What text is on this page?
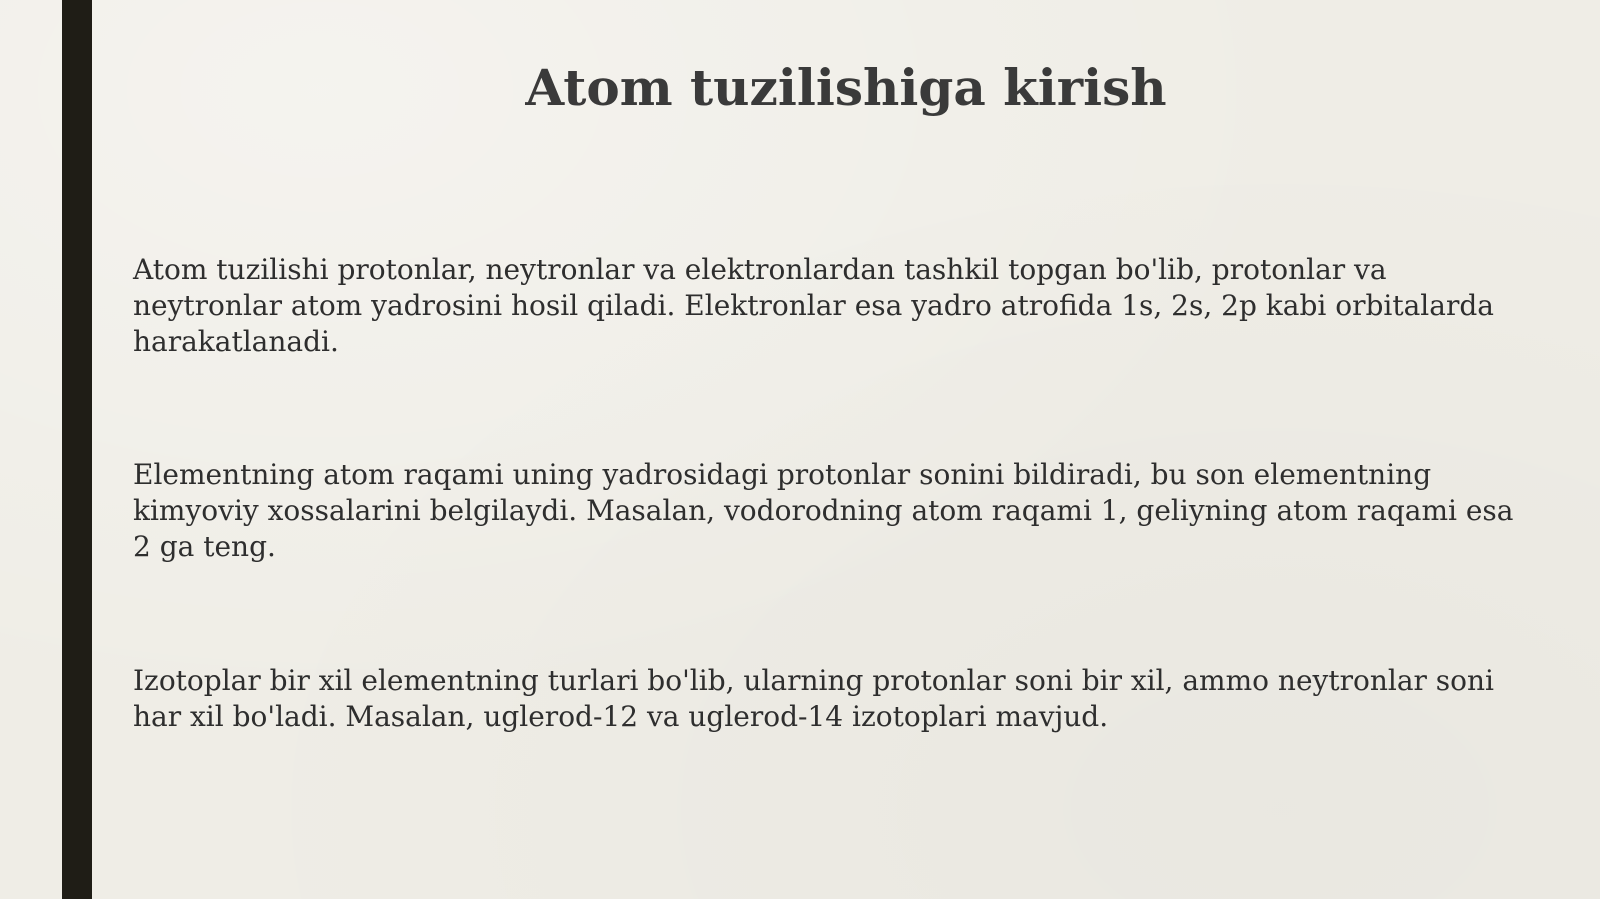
Atom tuzilishiga kirish

Atom tuzilishi protonlar, neytronlar va elektronlardan tashkil topgan bo'lib, protonlar va neytronlar atom yadrosini hosil qiladi. Elektronlar esa yadro atrofida 1s, 2s, 2p kabi orbitalarda harakatlanadi.

Elementning atom raqami uning yadrosidagi protonlar sonini bildiradi, bu son elementning kimyoviy xossalarini belgilaydi. Masalan, vodorodning atom raqami 1, geliyning atom raqami esa 2 ga teng.

Izotoplar bir xil elementning turlari bo'lib, ularning protonlar soni bir xil, ammo neytronlar soni har xil bo'ladi. Masalan, uglerod-12 va uglerod-14 izotoplari mavjud.
